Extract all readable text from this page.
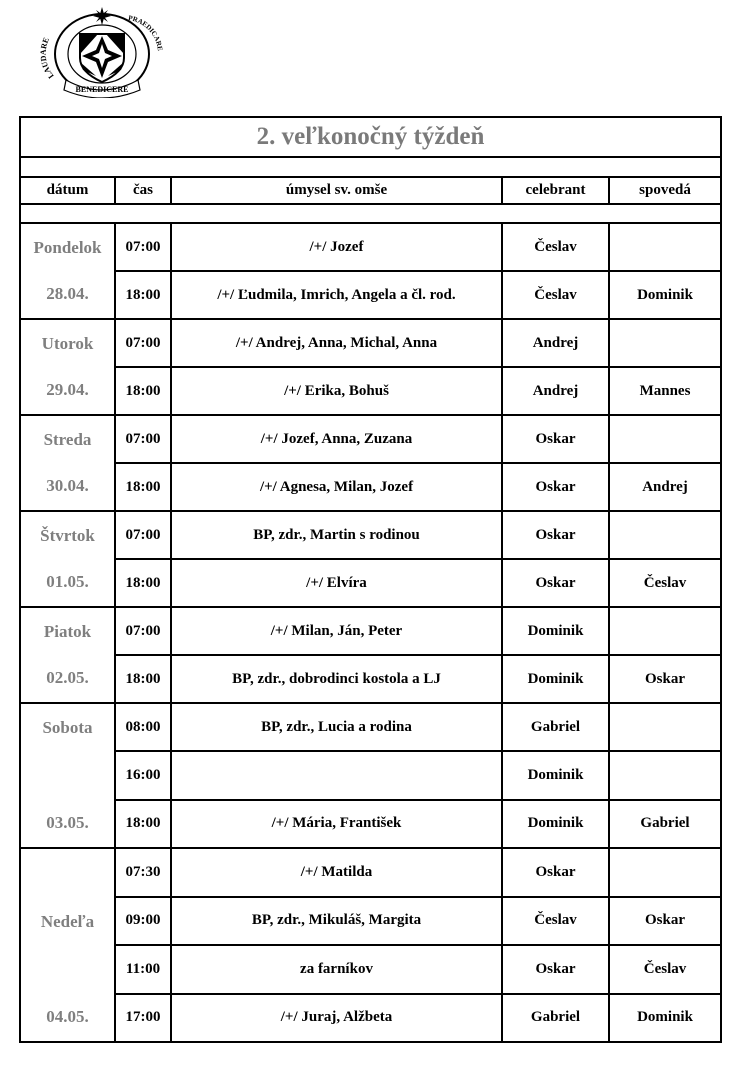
LAUDARE
PRAEDICARE
BENEDICERE
2. veľkonočný týždeň				

dátum	čas	úmysel sv. omše	celebrant	spovedá

Pondelok
28.04.	07:00	/+/ Jozef	Česlav	
	18:00	/+/ Ľudmila, Imrich, Angela a čl. rod.	Česlav	Dominik

Utorok
29.04.	07:00	/+/ Andrej, Anna, Michal, Anna	Andrej	
	18:00	/+/ Erika, Bohuš	Andrej	Mannes

Streda
30.04.	07:00	/+/ Jozef, Anna, Zuzana	Oskar	
	18:00	/+/ Agnesa, Milan, Jozef	Oskar	Andrej

Štvrtok
01.05.	07:00	BP, zdr., Martin s rodinou	Oskar	
	18:00	/+/ Elvíra	Oskar	Česlav

Piatok
02.05.	07:00	/+/ Milan, Ján, Peter	Dominik	
	18:00	BP, zdr., dobrodinci kostola a LJ	Dominik	Oskar

Sobota
03.05.	08:00	BP, zdr., Lucia a rodina	Gabriel	
	16:00		Dominik	
	18:00	/+/ Mária, František	Dominik	Gabriel

Nedeľa
04.05.	07:30	/+/ Matilda	Oskar	
	09:00	BP, zdr., Mikuláš, Margita	Česlav	Oskar
	11:00	za farníkov	Oskar	Česlav
	17:00	/+/ Juraj, Alžbeta	Gabriel	Dominik
